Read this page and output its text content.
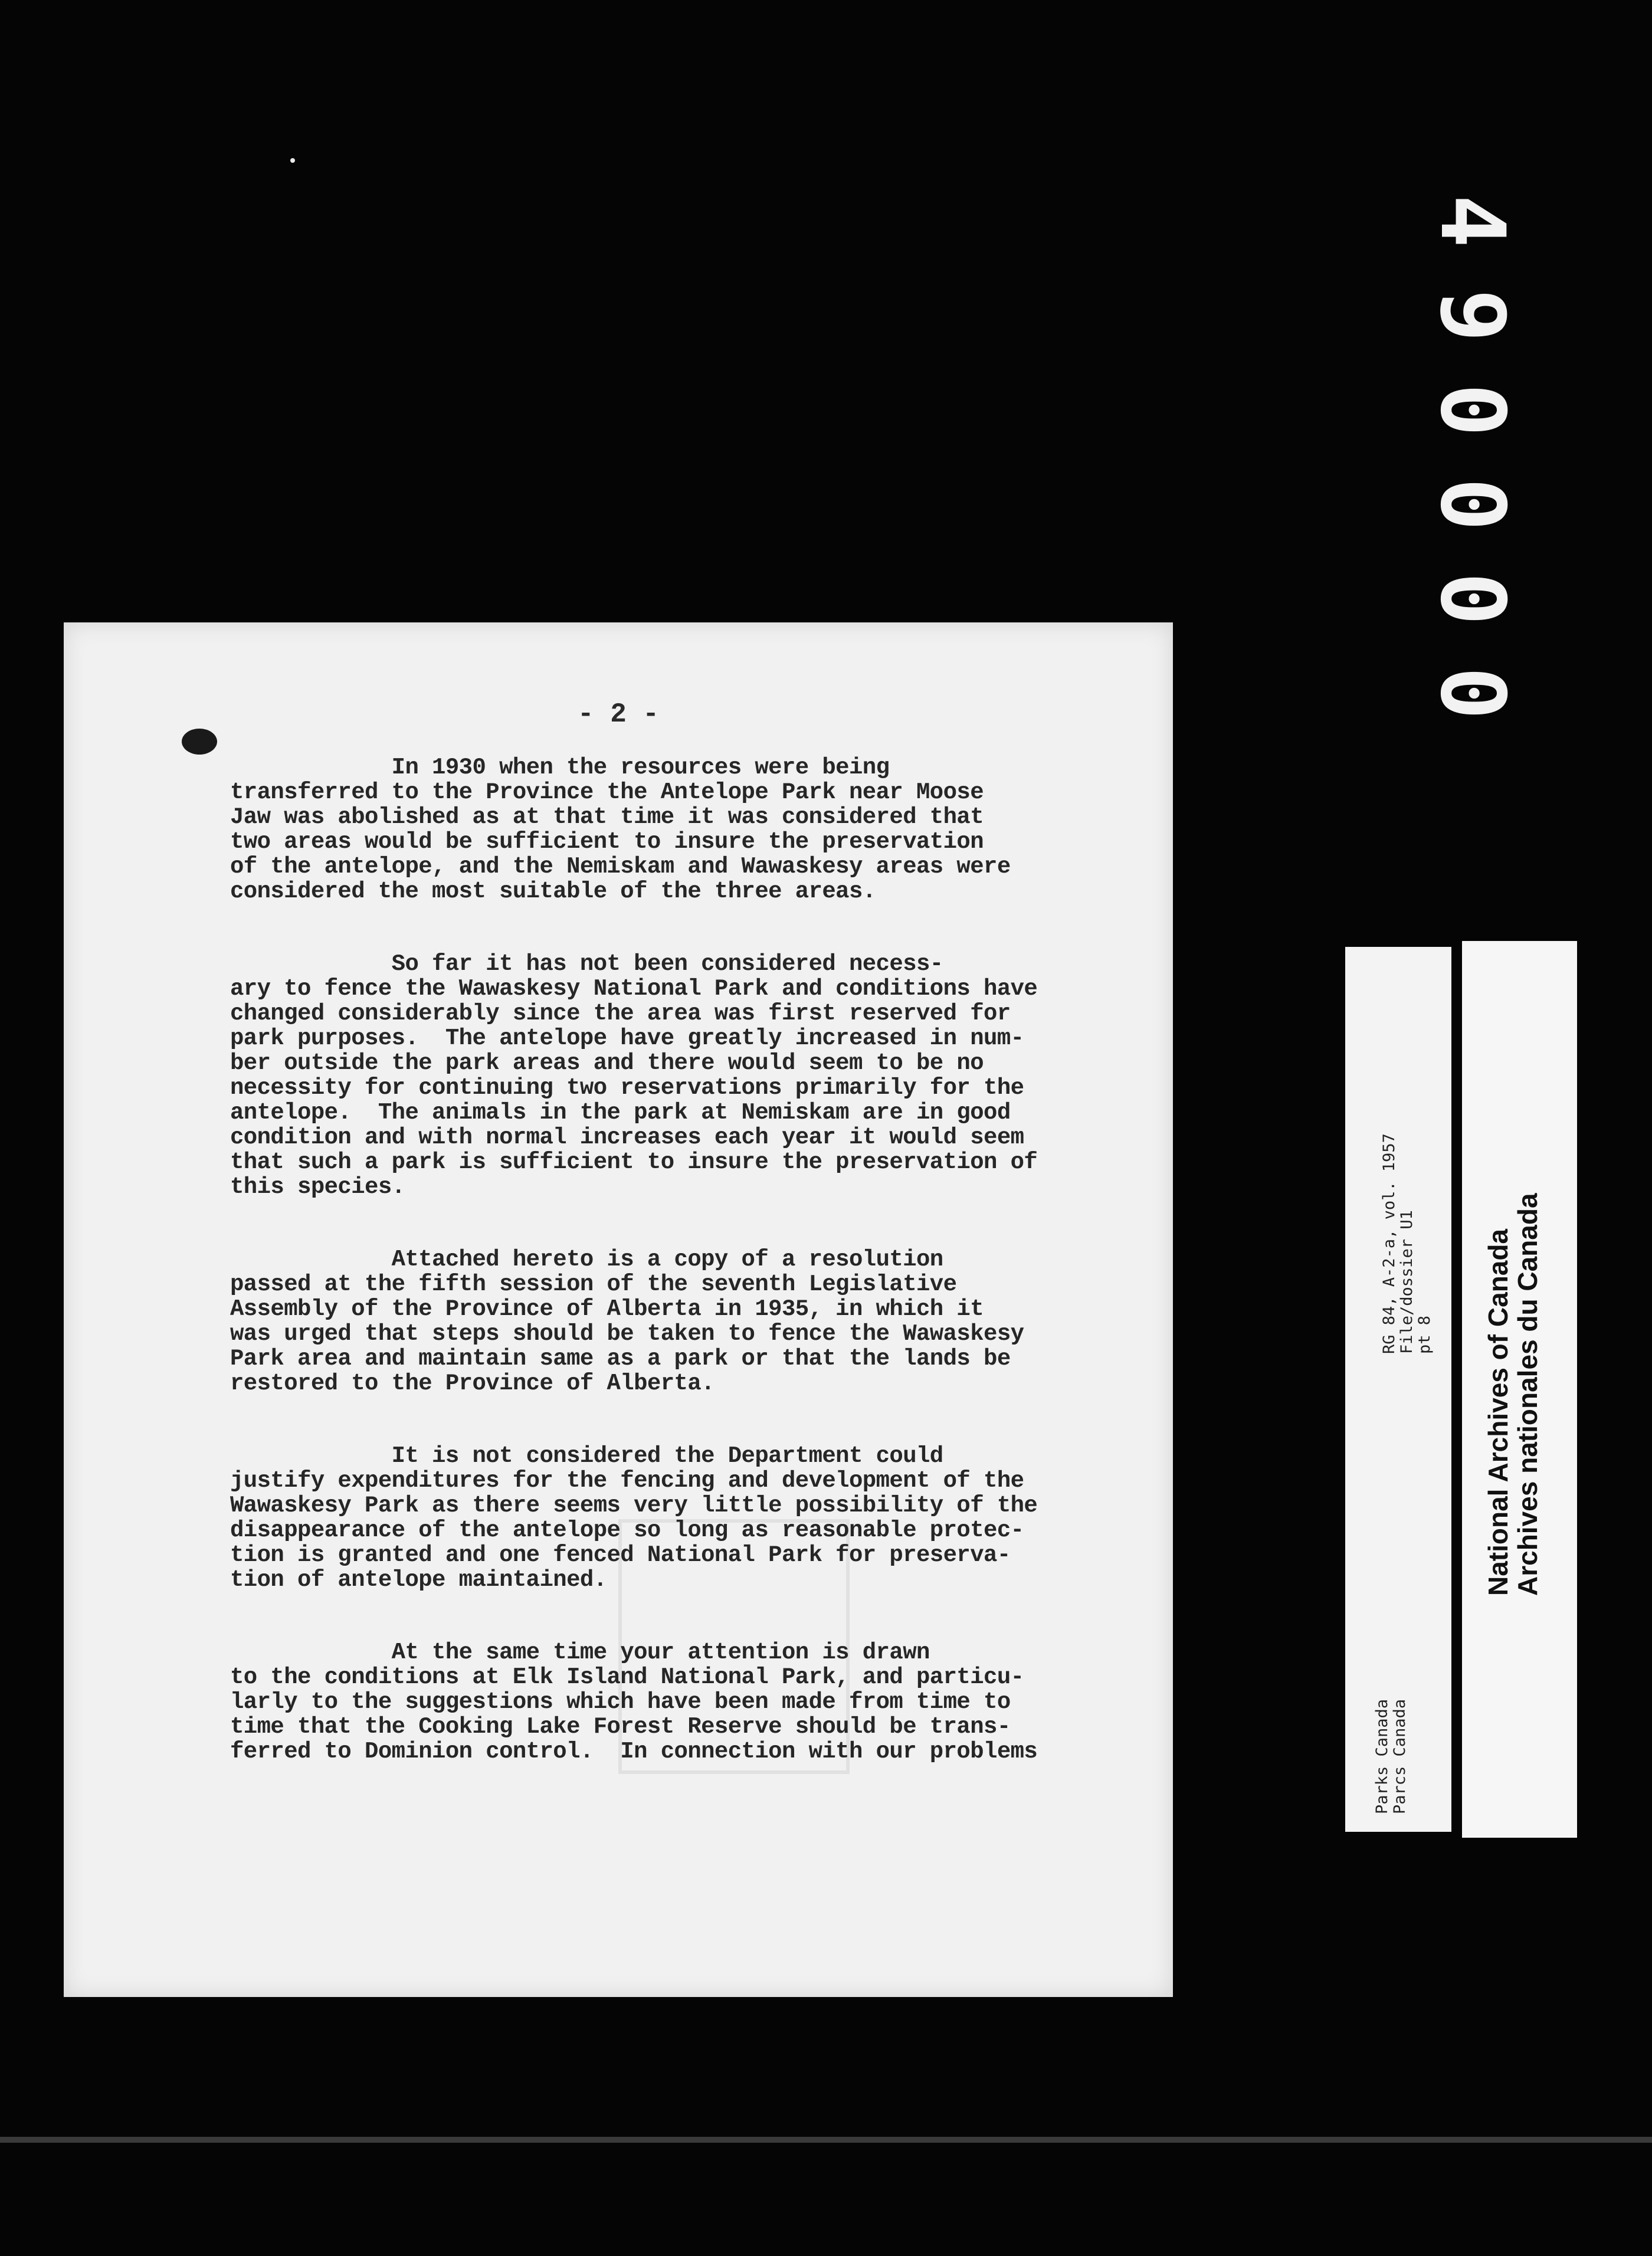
4
9
0
0
0
0
- 2 -
In 1930 when the resources were being
transferred to the Province the Antelope Park near Moose
Jaw was abolished as at that time it was considered that
two areas would be sufficient to insure the preservation
of the antelope, and the Nemiskam and Wawaskesy areas were
considered the most suitable of the three areas.
So far it has not been considered necess-
ary to fence the Wawaskesy National Park and conditions have
changed considerably since the area was first reserved for
park purposes.  The antelope have greatly increased in num-
ber outside the park areas and there would seem to be no
necessity for continuing two reservations primarily for the
antelope.  The animals in the park at Nemiskam are in good
condition and with normal increases each year it would seem
that such a park is sufficient to insure the preservation of
this species.
Attached hereto is a copy of a resolution
passed at the fifth session of the seventh Legislative
Assembly of the Province of Alberta in 1935, in which it
was urged that steps should be taken to fence the Wawaskesy
Park area and maintain same as a park or that the lands be
restored to the Province of Alberta.
It is not considered the Department could
justify expenditures for the fencing and development of the
Wawaskesy Park as there seems very little possibility of the
disappearance of the antelope so long as reasonable protec-
tion is granted and one fenced National Park for preserva-
tion of antelope maintained.
At the same time your attention is drawn
to the conditions at Elk Island National Park, and particu-
larly to the suggestions which have been made from time to
time that the Cooking Lake Forest Reserve should be trans-
ferred to Dominion control.  In connection with our problems	Parks Canada Parcs Canada
RG 84, A-2-a, vol. 1957 File/dossier U1 pt 8 National Archives of Canada
Archives nationales du Canada
